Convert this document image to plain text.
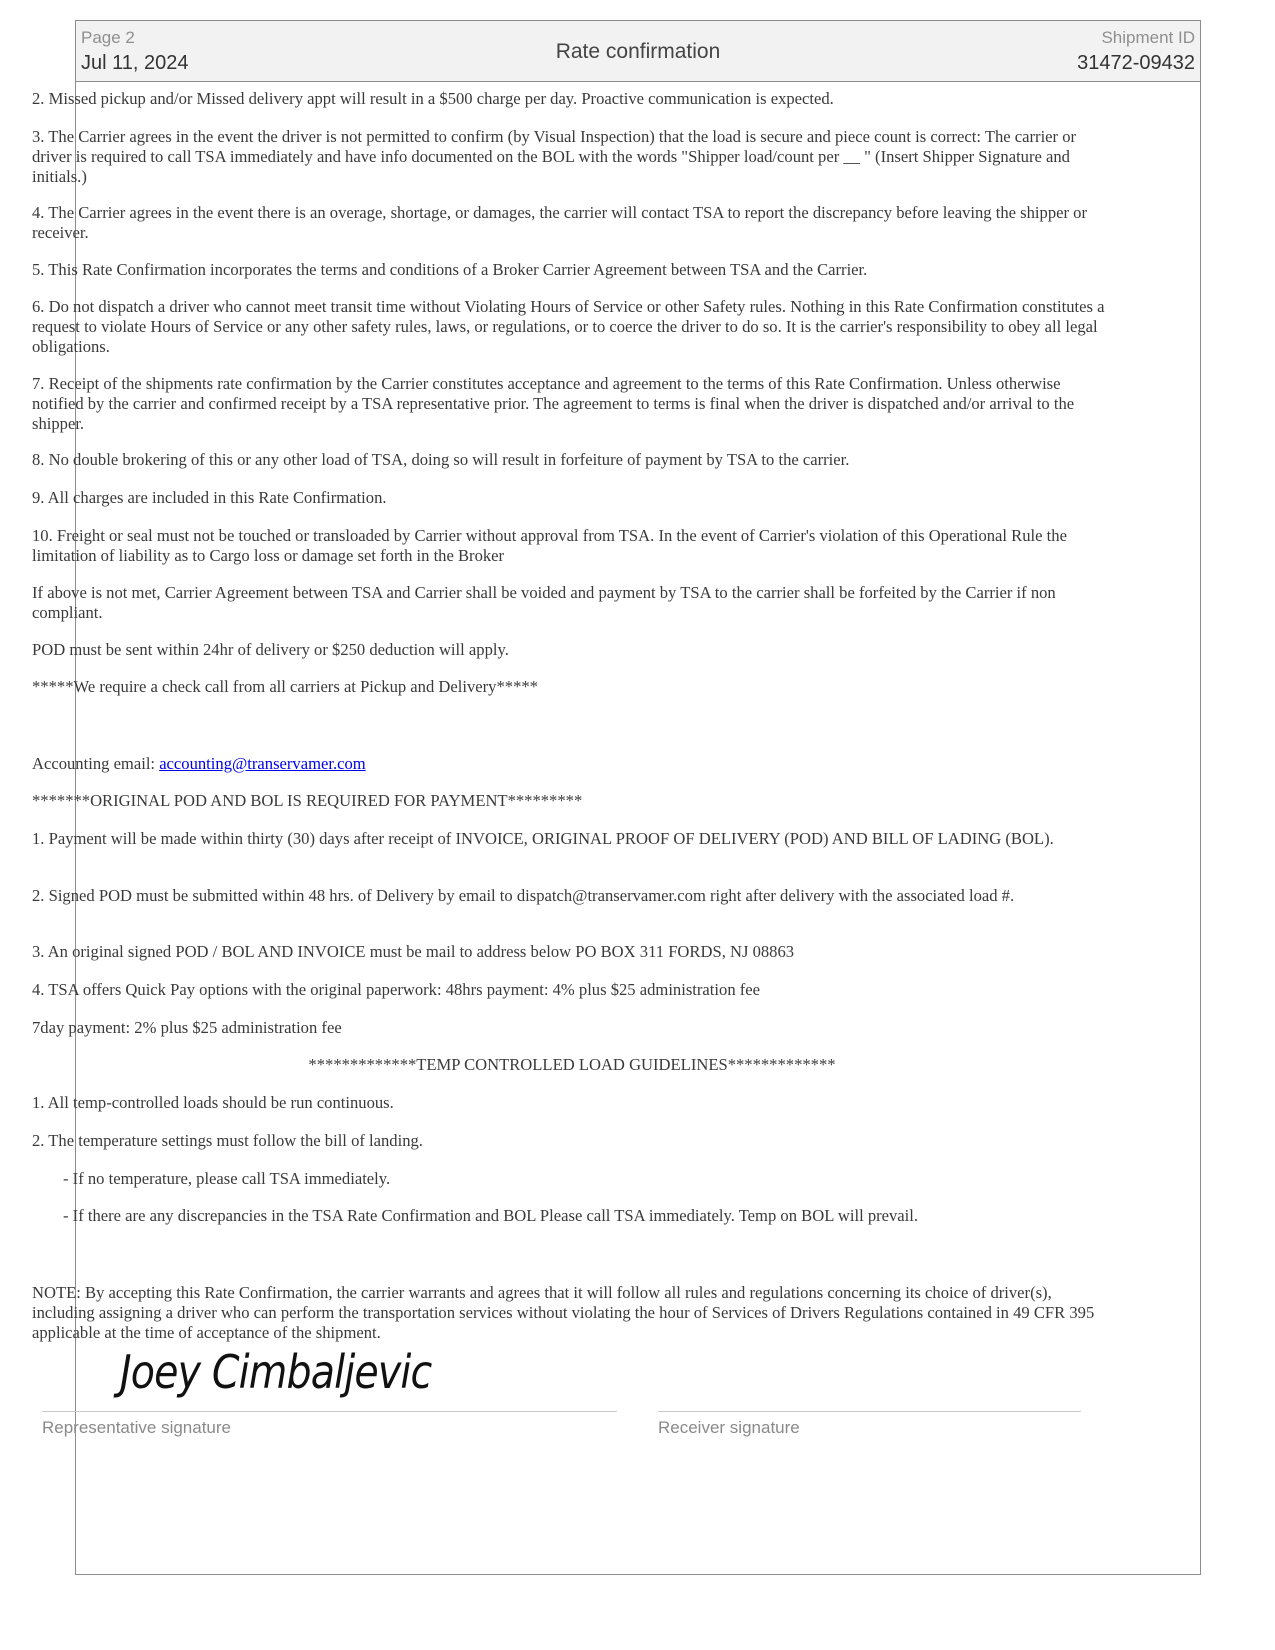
Page 2
Jul 11, 2024	Rate confirmation
Shipment ID
31472-09432

2. Missed pickup and/or Missed delivery appt will result in a $500 charge per day. Proactive communication is expected.

3. The Carrier agrees in the event the driver is not permitted to confirm (by Visual Inspection) that the load is secure and piece count is correct: The carrier or driver is required to call TSA immediately and have info documented on the BOL with the words "Shipper load/count per __ " (Insert Shipper Signature and initials.)

4. The Carrier agrees in the event there is an overage, shortage, or damages, the carrier will contact TSA to report the discrepancy before leaving the shipper or receiver.

5. This Rate Confirmation incorporates the terms and conditions of a Broker Carrier Agreement between TSA and the Carrier.

6. Do not dispatch a driver who cannot meet transit time without Violating Hours of Service or other Safety rules. Nothing in this Rate Confirmation constitutes a request to violate Hours of Service or any other safety rules, laws, or regulations, or to coerce the driver to do so. It is the carrier's responsibility to obey all legal obligations.

7. Receipt of the shipments rate confirmation by the Carrier constitutes acceptance and agreement to the terms of this Rate Confirmation. Unless otherwise notified by the carrier and confirmed receipt by a TSA representative prior. The agreement to terms is final when the driver is dispatched and/or arrival to the shipper.

8. No double brokering of this or any other load of TSA, doing so will result in forfeiture of payment by TSA to the carrier.

9. All charges are included in this Rate Confirmation.

10. Freight or seal must not be touched or transloaded by Carrier without approval from TSA. In the event of Carrier's violation of this Operational Rule the limitation of liability as to Cargo loss or damage set forth in the Broker

If above is not met, Carrier Agreement between TSA and Carrier shall be voided and payment by TSA to the carrier shall be forfeited by the Carrier if non compliant.

POD must be sent within 24hr of delivery or $250 deduction will apply.

*****We require a check call from all carriers at Pickup and Delivery*****

Accounting email: accounting@transervamer.com

*******ORIGINAL POD AND BOL IS REQUIRED FOR PAYMENT*********

1. Payment will be made within thirty (30) days after receipt of INVOICE, ORIGINAL PROOF OF DELIVERY (POD) AND BILL OF LADING (BOL).

2. Signed POD must be submitted within 48 hrs. of Delivery by email to dispatch@transervamer.com right after delivery with the associated load #.

3. An original signed POD / BOL AND INVOICE must be mail to address below PO BOX 311 FORDS, NJ 08863

4. TSA offers Quick Pay options with the original paperwork: 48hrs payment: 4% plus $25 administration fee

7day payment: 2% plus $25 administration fee

*************TEMP CONTROLLED LOAD GUIDELINES*************

1. All temp-controlled loads should be run continuous.

2. The temperature settings must follow the bill of landing.

- If no temperature, please call TSA immediately.

- If there are any discrepancies in the TSA Rate Confirmation and BOL Please call TSA immediately. Temp on BOL will prevail.

NOTE: By accepting this Rate Confirmation, the carrier warrants and agrees that it will follow all rules and regulations concerning its choice of driver(s), including assigning a driver who can perform the transportation services without violating the hour of Services of Drivers Regulations contained in 49 CFR 395 applicable at the time of acceptance of the shipment.

Joey Cimbaljevic
Representative signature	Receiver signature
